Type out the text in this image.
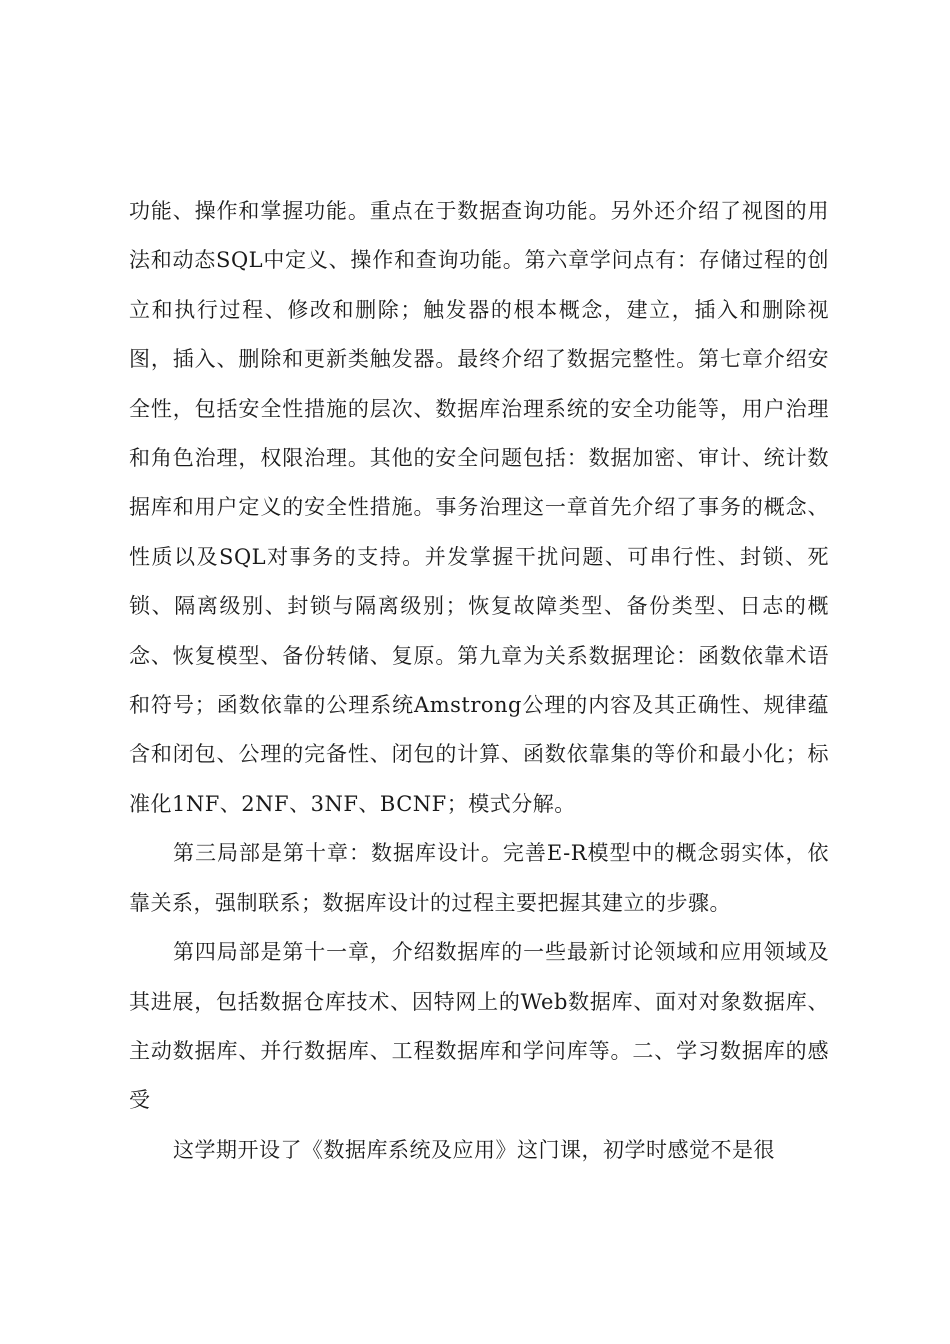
功能、操作和掌握功能。重点在于数据查询功能。另外还介绍了视图的用法和动态SQL中定义、操作和查询功能。第六章学问点有：存储过程的创立和执行过程、修改和删除；触发器的根本概念，建立，插入和删除视图，插入、删除和更新类触发器。最终介绍了数据完整性。第七章介绍安全性，包括安全性措施的层次、数据库治理系统的安全功能等，用户治理和角色治理，权限治理。其他的安全问题包括：数据加密、审计、统计数据库和用户定义的安全性措施。事务治理这一章首先介绍了事务的概念、性质以及SQL对事务的支持。并发掌握干扰问题、可串行性、封锁、死锁、隔离级别、封锁与隔离级别；恢复故障类型、备份类型、日志的概念、恢复模型、备份转储、复原。第九章为关系数据理论：函数依靠术语和符号；函数依靠的公理系统Amstrong公理的内容及其正确性、规律蕴含和闭包、公理的完备性、闭包的计算、函数依靠集的等价和最小化；标准化1NF、2NF、3NF、BCNF；模式分解。

第三局部是第十章：数据库设计。完善E-R模型中的概念弱实体，依靠关系，强制联系；数据库设计的过程主要把握其建立的步骤。

第四局部是第十一章，介绍数据库的一些最新讨论领域和应用领域及其进展，包括数据仓库技术、因特网上的Web数据库、面对对象数据库、主动数据库、并行数据库、工程数据库和学问库等。二、学习数据库的感受

这学期开设了《数据库系统及应用》这门课，初学时感觉不是很
